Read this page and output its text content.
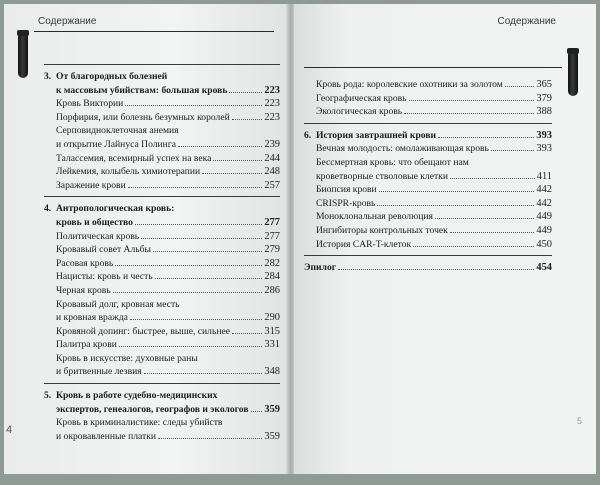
Содержание
3. От благородных болезней
к массовым убийствам: большая кровь	223
Кровь Виктории	223
Порфирия, или болезнь безумных королей	223
Серповидноклеточная анемия
и открытие Лайнуса Полинга	239
Талассемия, всемирный успех на века	244
Лейкемия, колыбель химиотерапии	248
Заражение крови	257
4. Антропологическая кровь:
кровь и общество	277
Политическая кровь	277
Кровавый совет Альбы	279
Расовая кровь	282
Нацисты: кровь и честь	284
Черная кровь	286
Кровавый долг, кровная месть
и кровная вражда	290
Кровяной допинг: быстрее, выше, сильнее	315
Палитра крови	331
Кровь в искусстве: духовные раны
и бритвенные лезвия	348
5. Кровь в работе судебно-медицинских
экспертов, генеалогов, географов и экологов 359
Кровь в криминалистике: следы убийств
и окровавленные платки	359
4
Содержание
Кровь рода: королевские охотники за золотом	365
Географическая кровь	379
Экологическая кровь	388
6. История завтрашней крови	393
Вечная молодость: омолаживающая кровь	393
Бессмертная кровь: что обещают нам
кроветворные стволовые клетки	411
Биопсия крови	442
CRISPR-кровь	442
Моноклональная революция	449
Ингибиторы контрольных точек	449
История CAR-T-клеток	450
Эпилог	454
5
